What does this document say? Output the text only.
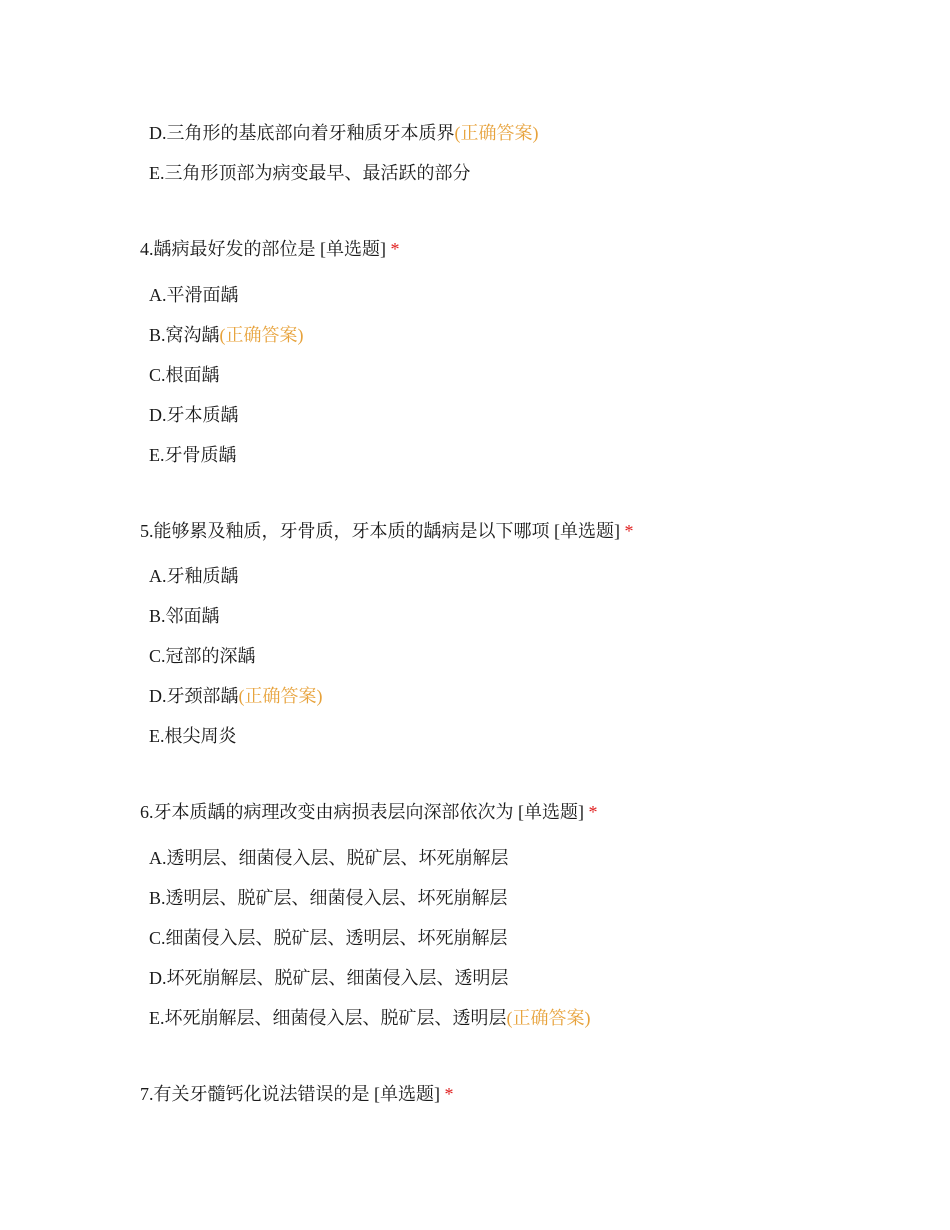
D.三角形的基底部向着牙釉质牙本质界(正确答案)
E.三角形顶部为病变最早、最活跃的部分
4.龋病最好发的部位是 [单选题] *
A.平滑面龋
B.窝沟龋(正确答案)
C.根面龋
D.牙本质龋
E.牙骨质龋
5.能够累及釉质，牙骨质，牙本质的龋病是以下哪项 [单选题] *
A.牙釉质龋
B.邻面龋
C.冠部的深龋
D.牙颈部龋(正确答案)
E.根尖周炎
6.牙本质龋的病理改变由病损表层向深部依次为 [单选题] *
A.透明层、细菌侵入层、脱矿层、坏死崩解层
B.透明层、脱矿层、细菌侵入层、坏死崩解层
C.细菌侵入层、脱矿层、透明层、坏死崩解层
D.坏死崩解层、脱矿层、细菌侵入层、透明层
E.坏死崩解层、细菌侵入层、脱矿层、透明层(正确答案)
7.有关牙髓钙化说法错误的是 [单选题] *
